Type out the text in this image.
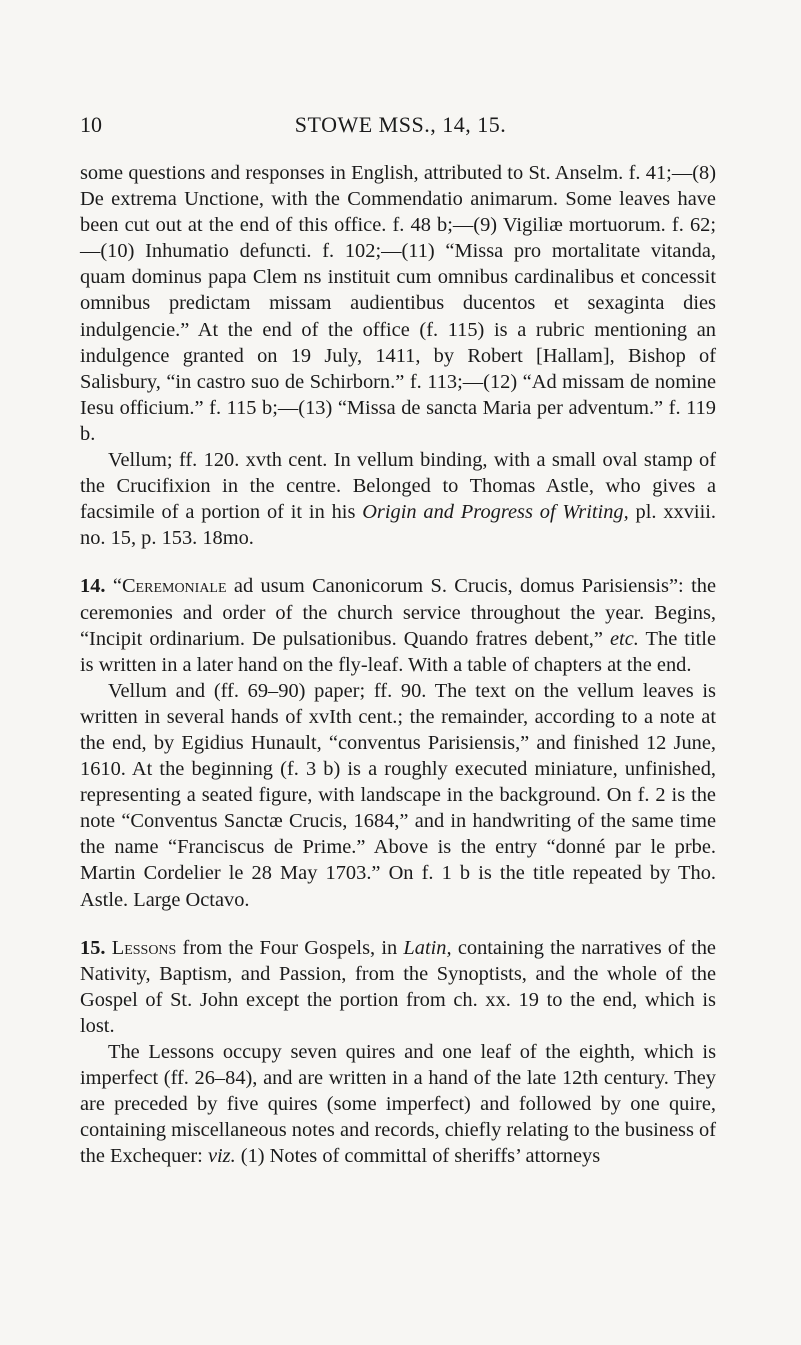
10	STOWE MSS., 14, 15.

some questions and responses in English, attributed to St. Anselm. f. 41;—(8) De extrema Unctione, with the Commendatio animarum. Some leaves have been cut out at the end of this office. f. 48 b;—(9) Vigiliæ mortuorum. f. 62;—(10) Inhumatio defuncti. f. 102;—(11) “Missa pro mortalitate vitanda, quam dominus papa Clem ns instituit cum omnibus cardinalibus et concessit omnibus predictam missam audientibus ducentos et sexaginta dies indulgencie.” At the end of the office (f. 115) is a rubric mentioning an indulgence granted on 19 July, 1411, by Robert [Hallam], Bishop of Salisbury, “in castro suo de Schirborn.” f. 113;—(12) “Ad missam de nomine Iesu officium.” f. 115 b;—(13) “Missa de sancta Maria per adventum.” f. 119 b.

Vellum; ff. 120. xvth cent. In vellum binding, with a small oval stamp of the Crucifixion in the centre. Belonged to Thomas Astle, who gives a facsimile of a portion of it in his Origin and Progress of Writing, pl. xxviii. no. 15, p. 153. 18mo.

14. “Ceremoniale ad usum Canonicorum S. Crucis, domus Parisiensis”: the ceremonies and order of the church service throughout the year. Begins, “Incipit ordinarium. De pulsationibus. Quando fratres debent,” etc. The title is written in a later hand on the fly-leaf. With a table of chapters at the end.

Vellum and (ff. 69–90) paper; ff. 90. The text on the vellum leaves is written in several hands of xvIth cent.; the remainder, according to a note at the end, by Egidius Hunault, “conventus Parisiensis,” and finished 12 June, 1610. At the beginning (f. 3 b) is a roughly executed miniature, unfinished, representing a seated figure, with landscape in the background. On f. 2 is the note “Conventus Sanctæ Crucis, 1684,” and in handwriting of the same time the name “Franciscus de Prime.” Above is the entry “donné par le prbe. Martin Cordelier le 28 May 1703.” On f. 1 b is the title repeated by Tho. Astle. Large Octavo.

15. Lessons from the Four Gospels, in Latin, containing the narratives of the Nativity, Baptism, and Passion, from the Synoptists, and the whole of the Gospel of St. John except the portion from ch. xx. 19 to the end, which is lost.

The Lessons occupy seven quires and one leaf of the eighth, which is imperfect (ff. 26–84), and are written in a hand of the late 12th century. They are preceded by five quires (some imperfect) and followed by one quire, containing miscellaneous notes and records, chiefly relating to the business of the Exchequer: viz. (1) Notes of committal of sheriffs’ attorneys
